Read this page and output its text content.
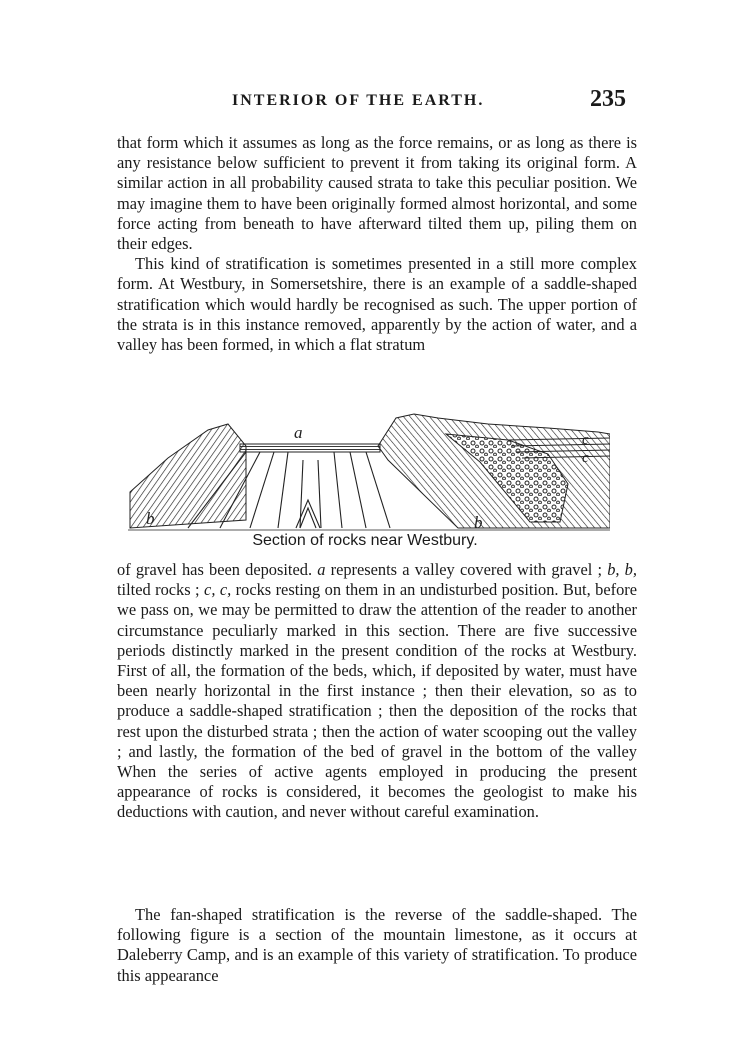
INTERIOR OF THE EARTH.	235

that form which it assumes as long as the force remains, or as long as there is any resistance below sufficient to prevent it from taking its original form. A similar action in all probability caused strata to take this peculiar position. We may imagine them to have been originally formed almost horizontal, and some force acting from beneath to have afterward tilted them up, piling them on their edges.

This kind of stratification is sometimes presented in a still more complex form. At Westbury, in Somersetshire, there is an example of a saddle-shaped stratification which would hardly be recognised as such. The upper portion of the strata is in this instance removed, apparently by the action of water, and a valley has been formed, in which a flat stratum

a
b	b
c
c
Section of rocks near Westbury.

of gravel has been deposited. a represents a valley covered with gravel ; b, b, tilted rocks ; c, c, rocks resting on them in an undisturbed position. But, before we pass on, we may be permitted to draw the attention of the reader to another circumstance peculiarly marked in this section. There are five successive periods distinctly marked in the present condition of the rocks at Westbury. First of all, the formation of the beds, which, if deposited by water, must have been nearly horizontal in the first instance ; then their elevation, so as to produce a saddle-shaped stratification ; then the deposition of the rocks that rest upon the disturbed strata ; then the action of water scooping out the valley ; and lastly, the formation of the bed of gravel in the bottom of the valley When the series of active agents employed in producing the present appearance of rocks is considered, it becomes the geologist to make his deductions with caution, and never without careful examination.

The fan-shaped stratification is the reverse of the saddle-shaped. The following figure is a section of the mountain limestone, as it occurs at Daleberry Camp, and is an example of this variety of stratification. To produce this appearance
